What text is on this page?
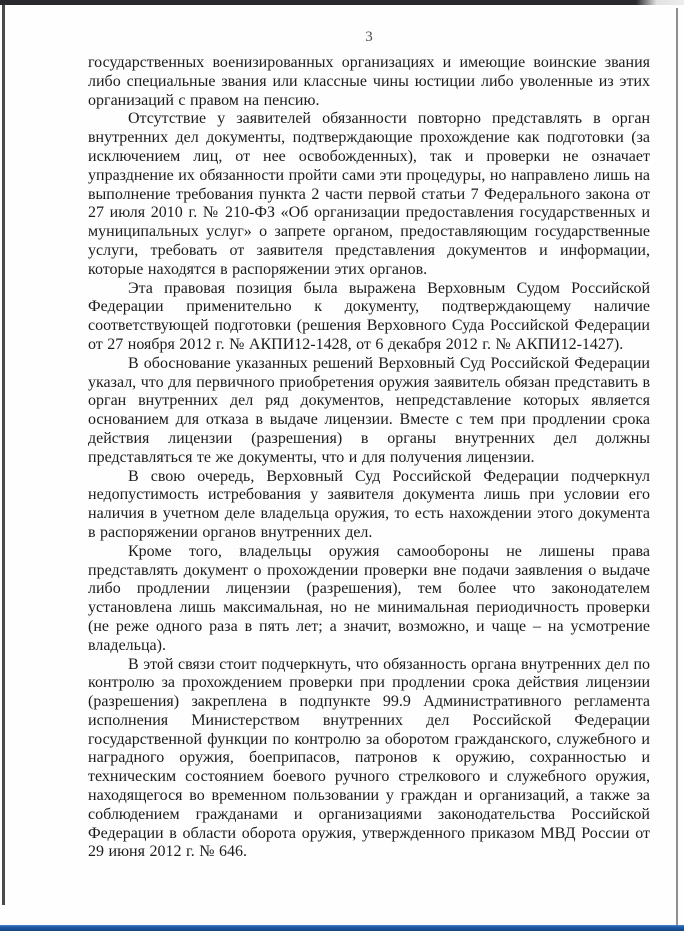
3

государственных военизированных организациях и имеющие воинские звания либо специальные звания или классные чины юстиции либо уволенные из этих организаций с правом на пенсию.

Отсутствие у заявителей обязанности повторно представлять в орган внутренних дел документы, подтверждающие прохождение как подготовки (за исключением лиц, от нее освобожденных), так и проверки не означает упразднение их обязанности пройти сами эти процедуры, но направлено лишь на выполнение требования пункта 2 части первой статьи 7 Федерального закона от 27 июля 2010 г. № 210-ФЗ «Об организации предоставления государственных и муниципальных услуг» о запрете органом, предоставляющим государственные услуги, требовать от заявителя представления документов и информации, которые находятся в распоряжении этих органов.

Эта правовая позиция была выражена Верховным Судом Российской Федерации применительно к документу, подтверждающему наличие соответствующей подготовки (решения Верховного Суда Российской Федерации от 27 ноября 2012 г. № АКПИ12-1428, от 6 декабря 2012 г. № АКПИ12-1427).

В обоснование указанных решений Верховный Суд Российской Федерации указал, что для первичного приобретения оружия заявитель обязан представить в орган внутренних дел ряд документов, непредставление которых является основанием для отказа в выдаче лицензии. Вместе с тем при продлении срока действия лицензии (разрешения) в органы внутренних дел должны представляться те же документы, что и для получения лицензии.

В свою очередь, Верховный Суд Российской Федерации подчеркнул недопустимость истребования у заявителя документа лишь при условии его наличия в учетном деле владельца оружия, то есть нахождении этого документа в распоряжении органов внутренних дел.

Кроме того, владельцы оружия самообороны не лишены права представлять документ о прохождении проверки вне подачи заявления о выдаче либо продлении лицензии (разрешения), тем более что законодателем установлена лишь максимальная, но не минимальная периодичность проверки (не реже одного раза в пять лет; а значит, возможно, и чаще – на усмотрение владельца).

В этой связи стоит подчеркнуть, что обязанность органа внутренних дел по контролю за прохождением проверки при продлении срока действия лицензии (разрешения) закреплена в подпункте 99.9 Административного регламента исполнения Министерством внутренних дел Российской Федерации государственной функции по контролю за оборотом гражданского, служебного и наградного оружия, боеприпасов, патронов к оружию, сохранностью и техническим состоянием боевого ручного стрелкового и служебного оружия, находящегося во временном пользовании у граждан и организаций, а также за соблюдением гражданами и организациями законодательства Российской Федерации в области оборота оружия, утвержденного приказом МВД России от 29 июня 2012 г. № 646.
